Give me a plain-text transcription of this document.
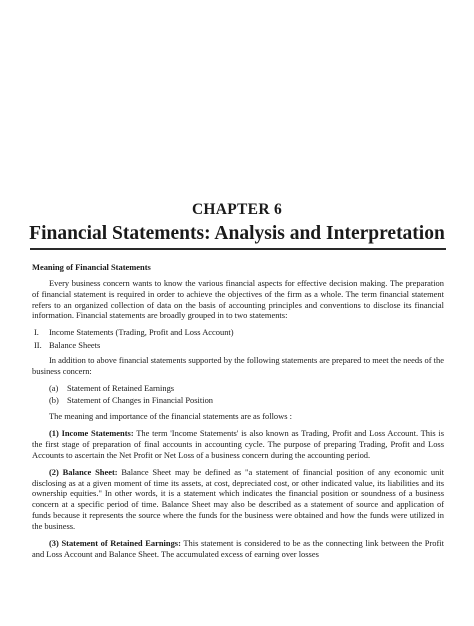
CHAPTER 6
Financial Statements: Analysis and Interpretation

Meaning of Financial Statements

Every business concern wants to know the various financial aspects for effective decision making. The preparation of financial statement is required in order to achieve the objectives of the firm as a whole. The term financial statement refers to an organized collection of data on the basis of accounting principles and conventions to disclose its financial information. Financial statements are broadly grouped in to two statements:

I. Income Statements (Trading, Profit and Loss Account)
II. Balance Sheets

In addition to above financial statements supported by the following statements are prepared to meet the needs of the business concern:

(a) Statement of Retained Earnings
(b) Statement of Changes in Financial Position

The meaning and importance of the financial statements are as follows :

(1) Income Statements: The term 'Income Statements' is also known as Trading, Profit and Loss Account. This is the first stage of preparation of final accounts in accounting cycle. The purpose of preparing Trading, Profit and Loss Accounts to ascertain the Net Profit or Net Loss of a business concern during the accounting period.

(2) Balance Sheet: Balance Sheet may be defined as "a statement of financial position of any economic unit disclosing as at a given moment of time its assets, at cost, depreciated cost, or other indicated value, its liabilities and its ownership equities." In other words, it is a statement which indicates the financial position or soundness of a business concern at a specific period of time. Balance Sheet may also be described as a statement of source and application of funds because it represents the source where the funds for the business were obtained and how the funds were utilized in the business.

(3) Statement of Retained Earnings: This statement is considered to be as the connecting link between the Profit and Loss Account and Balance Sheet. The accumulated excess of earning over losses
